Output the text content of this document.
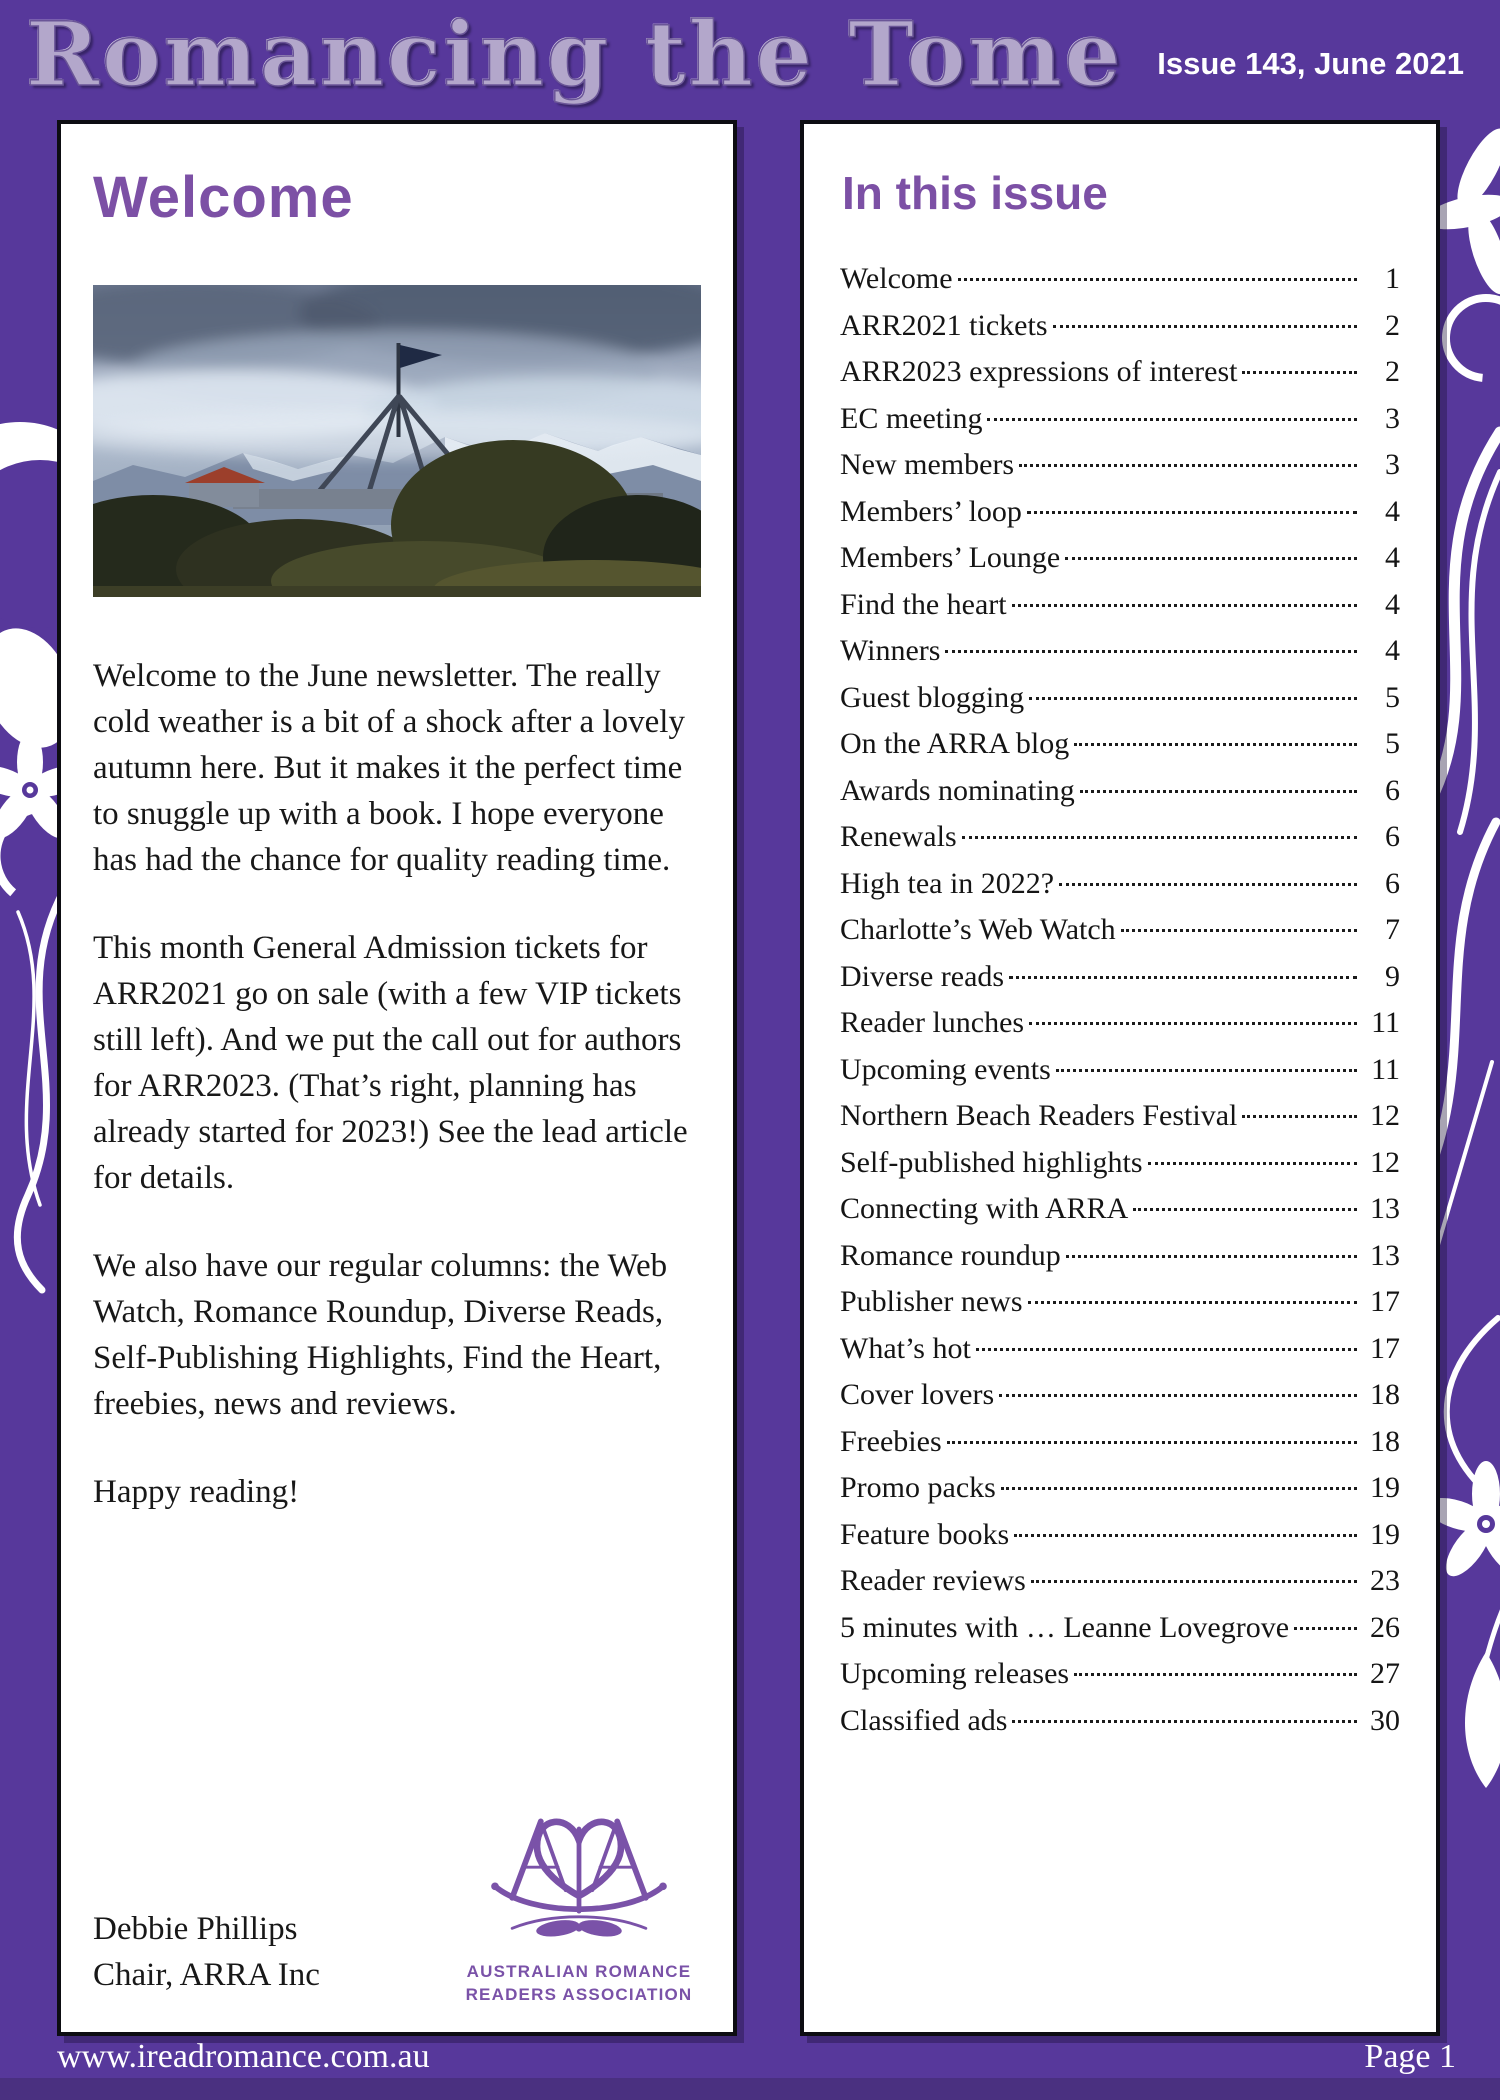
Romancing the Tome Issue 143, June 2021
Welcome

Welcome to the June newsletter. The really cold weather is a bit of a shock after a lovely autumn here. But it makes it the perfect time to snuggle up with a book. I hope everyone has had the chance for quality reading time.

This month General Admission tickets for ARR2021 go on sale (with a few VIP tickets still left). And we put the call out for authors for ARR2023. (That’s right, planning has already started for 2023!) See the lead article for details.

We also have our regular columns: the Web Watch, Romance Roundup, Diverse Reads, Self-Publishing Highlights, Find the Heart, freebies, news and reviews.

Happy reading!

Debbie Phillips
Chair, ARRA Inc	AUSTRALIAN ROMANCE
READERS ASSOCIATION
In this issue
Welcome	1
ARR2021 tickets	2
ARR2023 expressions of interest	2
EC meeting	3
New members	3
Members’ loop	4
Members’ Lounge	4
Find the heart	4
Winners	4
Guest blogging	5
On the ARRA blog	5
Awards nominating	6
Renewals	6
High tea in 2022?	6
Charlotte’s Web Watch	7
Diverse reads	9
Reader lunches	11
Upcoming events	11
Northern Beach Readers Festival	12
Self-published highlights	12
Connecting with ARRA	13
Romance roundup	13
Publisher news	17
What’s hot	17
Cover lovers	18
Freebies	18
Promo packs	19
Feature books	19
Reader reviews	23
5 minutes with … Leanne Lovegrove	26
Upcoming releases	27
Classified ads	30
www.ireadromance.com.au	Page 1
